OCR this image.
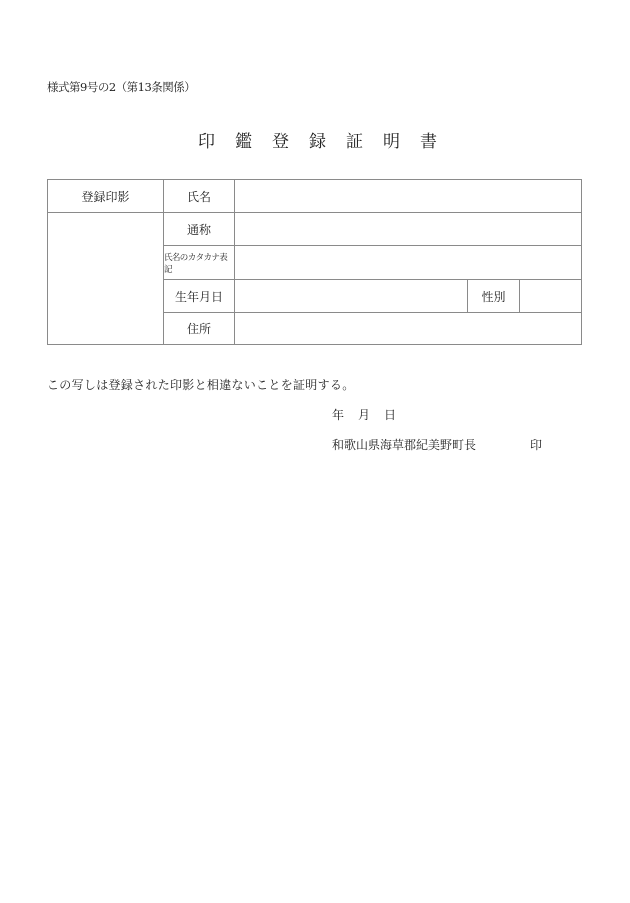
様式第9号の2（第13条関係）
印 鑑 登 録 証 明 書
登録印影	氏名
通称
氏名のカタカナ表記
生年月日
住所
性別
この写しは登録された印影と相違ないことを証明する。
年 月 日
和歌山県海草郡紀美野町長	印
